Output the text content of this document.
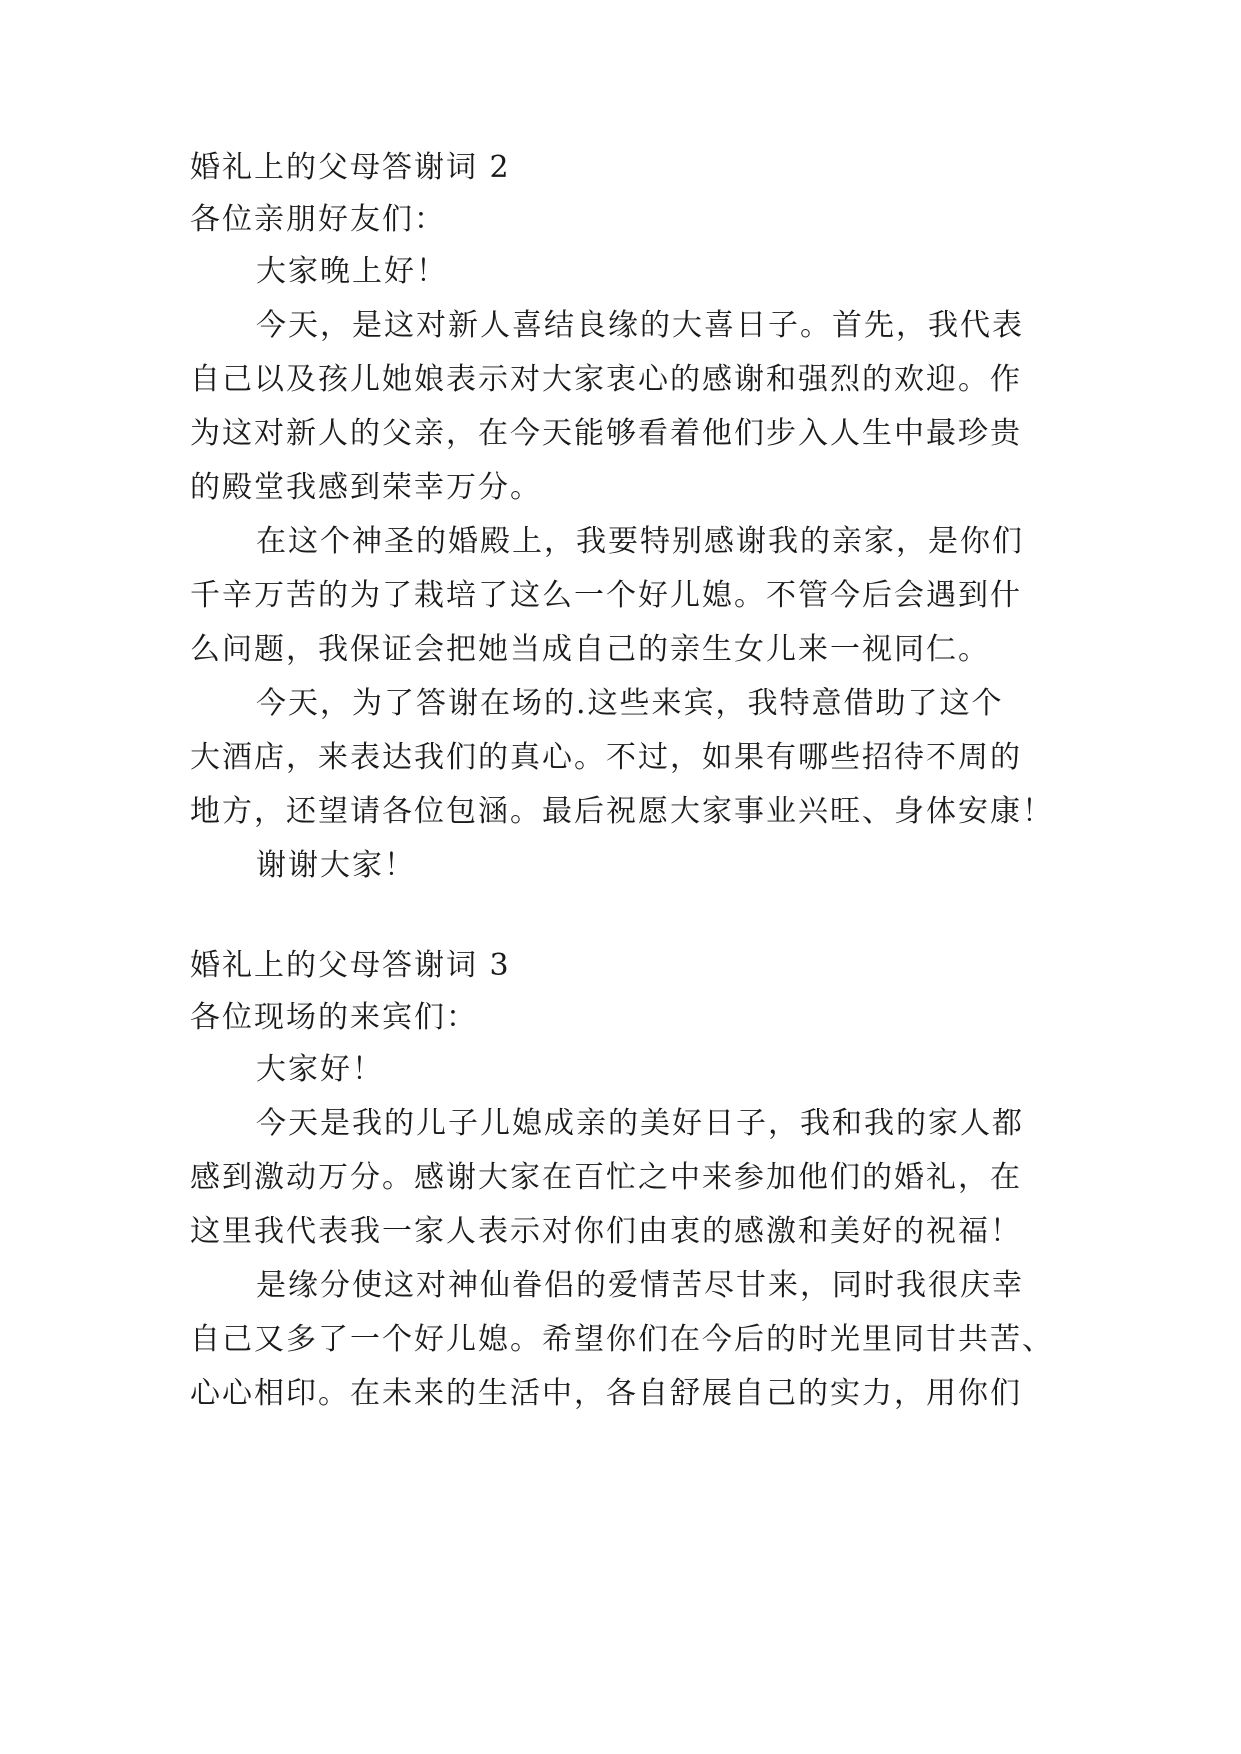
婚礼上的父母答谢词 2
各位亲朋好友们：
大家晚上好！
今天，是这对新人喜结良缘的大喜日子。首先，我代表
自己以及孩儿她娘表示对大家衷心的感谢和强烈的欢迎。作
为这对新人的父亲，在今天能够看着他们步入人生中最珍贵
的殿堂我感到荣幸万分。
在这个神圣的婚殿上，我要特别感谢我的亲家，是你们
千辛万苦的为了栽培了这么一个好儿媳。不管今后会遇到什
么问题，我保证会把她当成自己的亲生女儿来一视同仁。
今天，为了答谢在场的.这些来宾，我特意借助了这个
大酒店，来表达我们的真心。不过，如果有哪些招待不周的
地方，还望请各位包涵。最后祝愿大家事业兴旺、身体安康！
谢谢大家！
婚礼上的父母答谢词 3
各位现场的来宾们：
大家好！
今天是我的儿子儿媳成亲的美好日子，我和我的家人都
感到激动万分。感谢大家在百忙之中来参加他们的婚礼，在
这里我代表我一家人表示对你们由衷的感激和美好的祝福！
是缘分使这对神仙眷侣的爱情苦尽甘来，同时我很庆幸
自己又多了一个好儿媳。希望你们在今后的时光里同甘共苦、
心心相印。在未来的生活中，各自舒展自己的实力，用你们
